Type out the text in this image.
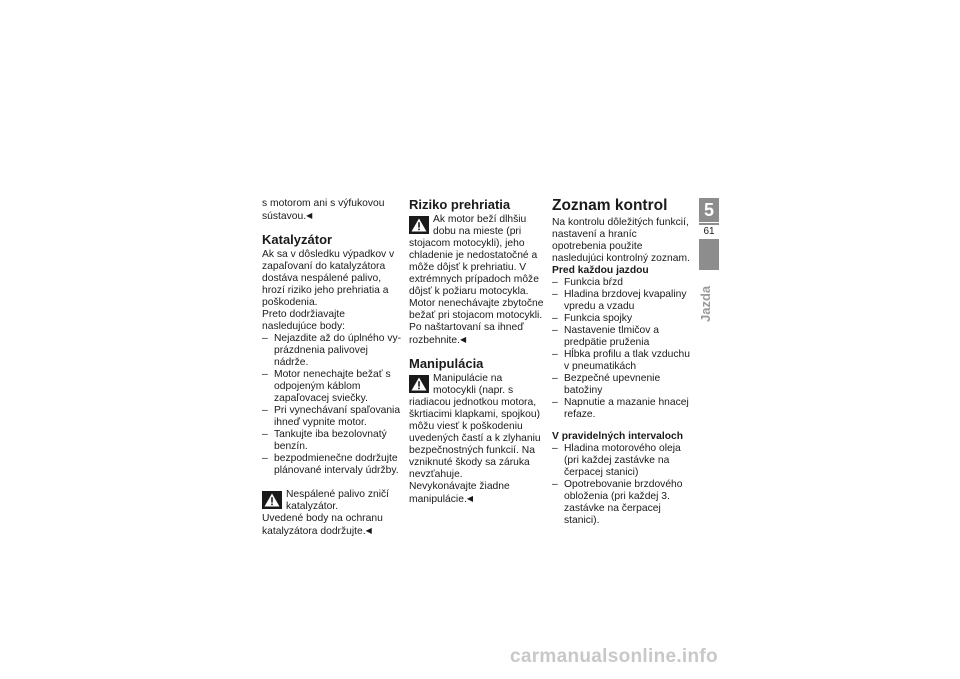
s motorom ani s výfukovou
sústavou.◀

Katalyzátor

Ak sa v dôsledku výpadkov v zapaľovaní do katalyzátora dostáva nespálené palivo, hrozí riziko jeho prehriatia a poškodenia.

Preto dodržiavajte nasledujúce body:

– Nejazdite až do úplného vyprázdnenia palivovej nádrže.
– Motor nenechajte bežať s odpojeným káblom zapaľovacej sviečky.
– Pri vynechávaní spaľovania ihneď vypnite motor.
– Tankujte iba bezolovnatý benzín.
– bezpodmienečne dodržujte plánované intervaly údržby.

Nespálené palivo zničí katalyzátor.

Uvedené body na ochranu katalyzátora dodržujte.◀

Riziko prehriatia

Ak motor beží dlhšiu dobu na mieste (pri stojacom motocykli), jeho chladenie je nedostatočné a môže dôjsť k prehriatiu. V extrémnych prípadoch môže dôjsť k požiaru motocykla.

Motor nenechávajte zbytočne bežať pri stojacom motocykli.

Po naštartovaní sa ihneď rozbehnite.◀

Manipulácia

Manipulácie na motocykli (napr. s riadiacou jednotkou motora, škrtiacimi klapkami, spojkou) môžu viesť k poškodeniu uvedených častí a k zlyhaniu bezpečnostných funkcií. Na vzniknuté škody sa záruka nevzťahuje.

Nevykonávajte žiadne manipulácie.◀

Zoznam kontrol

Na kontrolu dôležitých funkcií, nastavení a hraníc opotrebenia použite nasledujúci kontrolný zoznam.

Pred každou jazdou

– Funkcia bŕzd
– Hladina brzdovej kvapaliny vpredu a vzadu
– Funkcia spojky
– Nastavenie tlmičov a predpätie pruženia
– Hĺbka profilu a tlak vzduchu v pneumatikách
– Bezpečné upevnenie batožiny
– Napnutie a mazanie hnacej refaze.

V pravidelných intervaloch

– Hladina motorového oleja (pri každej zastávke na čerpacej stanici)
– Opotrebovanie brzdového obloženia (pri každej 3. zastávke na čerpacej stanici).
5
61
Jazda
carmanualsonline.info
